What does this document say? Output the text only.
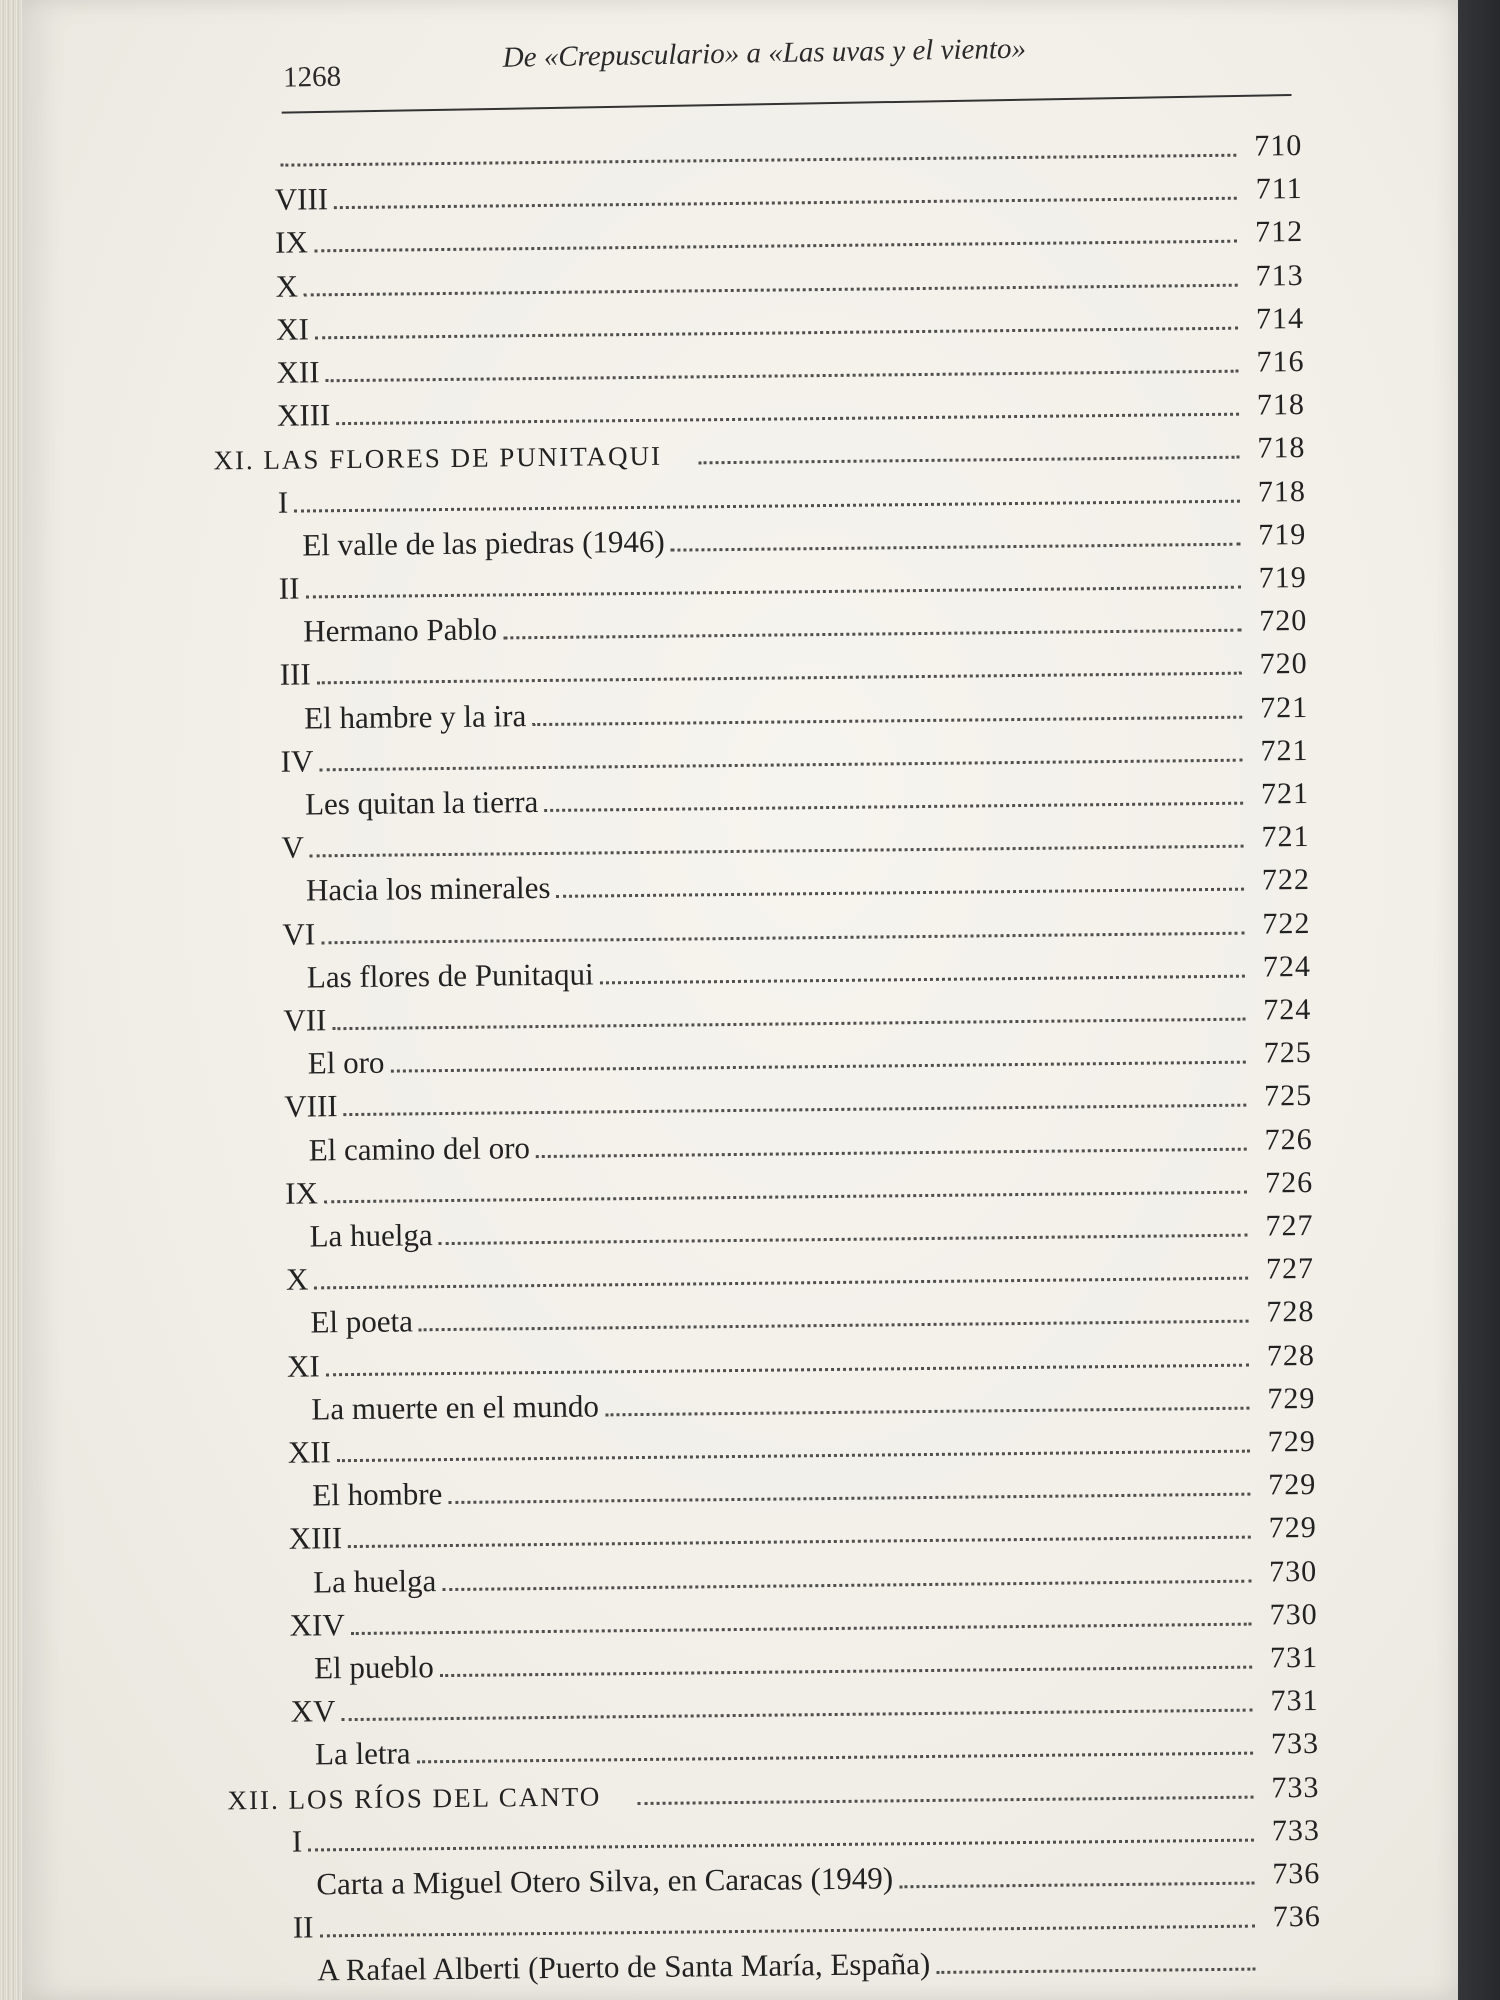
1268
De «Crepusculario» a «Las uvas y el viento»
710
VIII	711
IX	712
X	713
XI	714
XII	716
XIII	718
XI. LAS FLORES DE PUNITAQUI	718
I	718
El valle de las piedras (1946)	719
II	719
Hermano Pablo	720
III	720
El hambre y la ira	721
IV	721
Les quitan la tierra	721
V	721
Hacia los minerales	722
VI	722
Las flores de Punitaqui	724
VII	724
El oro	725
VIII	725
El camino del oro	726
IX	726
La huelga	727
X	727
El poeta	728
XI	728
La muerte en el mundo	729
XII	729
El hombre	729
XIII	729
La huelga	730
XIV	730
El pueblo	731
XV	731
La letra	733
XII. LOS RÍOS DEL CANTO	733
I	733
Carta a Miguel Otero Silva, en Caracas (1949)	736
II	736
A Rafael Alberti (Puerto de Santa María, España)
